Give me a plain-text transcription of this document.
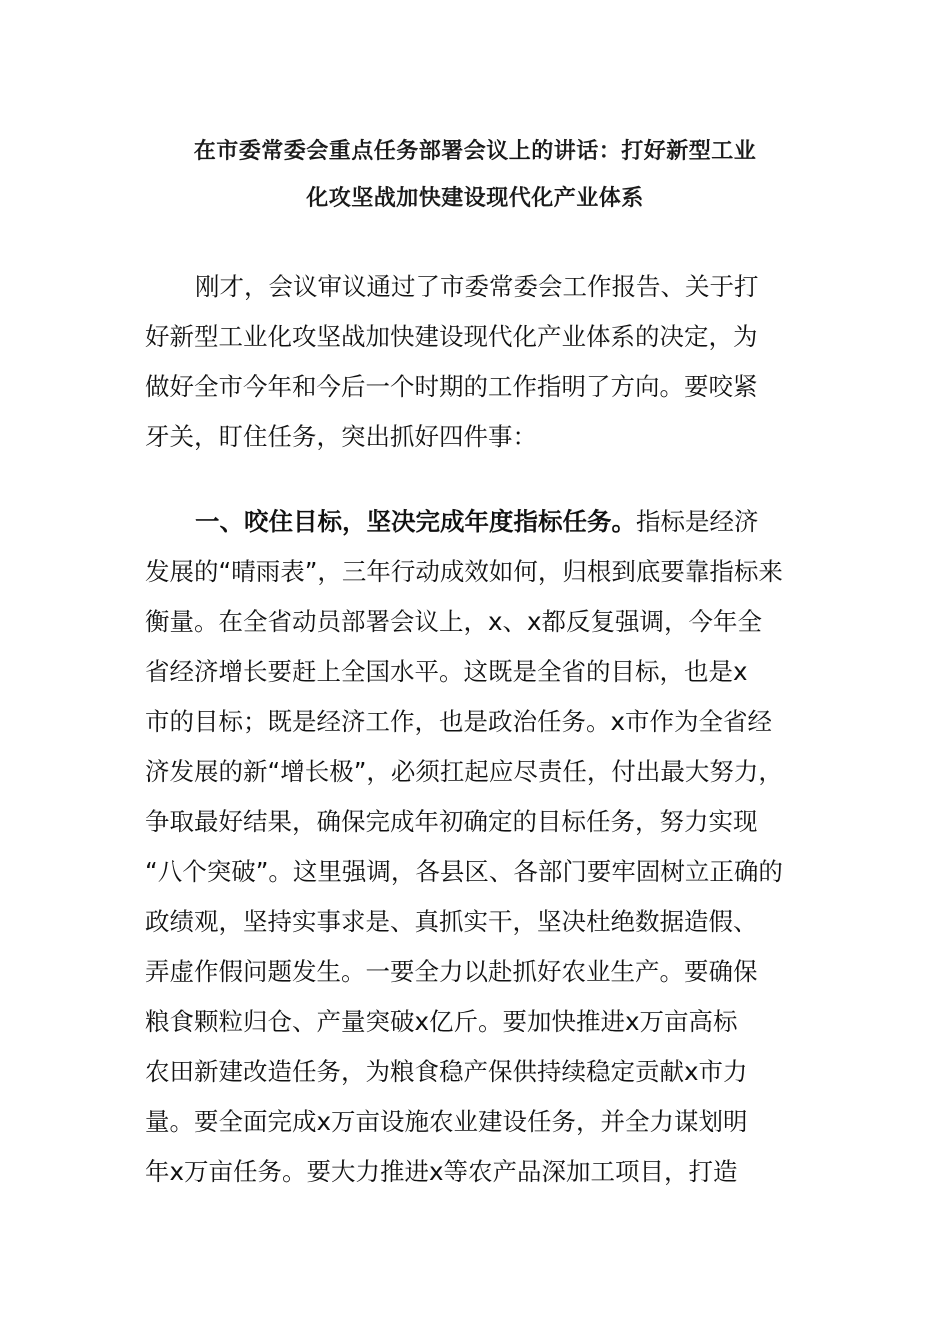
在市委常委会重点任务部署会议上的讲话：打好新型工业
化攻坚战加快建设现代化产业体系
刚才，会议审议通过了市委常委会工作报告、关于打
好新型工业化攻坚战加快建设现代化产业体系的决定，为
做好全市今年和今后一个时期的工作指明了方向。要咬紧
牙关，盯住任务，突出抓好四件事：
一、咬住目标，坚决完成年度指标任务。指标是经济
发展的“晴雨表”，三年行动成效如何，归根到底要靠指标来
衡量。在全省动员部署会议上，x、x都反复强调，今年全
省经济增长要赶上全国水平。这既是全省的目标，也是x
市的目标；既是经济工作，也是政治任务。x市作为全省经
济发展的新“增长极”，必须扛起应尽责任，付出最大努力，
争取最好结果，确保完成年初确定的目标任务，努力实现
“八个突破”。这里强调，各县区、各部门要牢固树立正确的
政绩观，坚持实事求是、真抓实干，坚决杜绝数据造假、
弄虚作假问题发生。一要全力以赴抓好农业生产。要确保
粮食颗粒归仓、产量突破x亿斤。要加快推进x万亩高标
农田新建改造任务，为粮食稳产保供持续稳定贡献x市力
量。要全面完成x万亩设施农业建设任务，并全力谋划明
年x万亩任务。要大力推进x等农产品深加工项目，打造
